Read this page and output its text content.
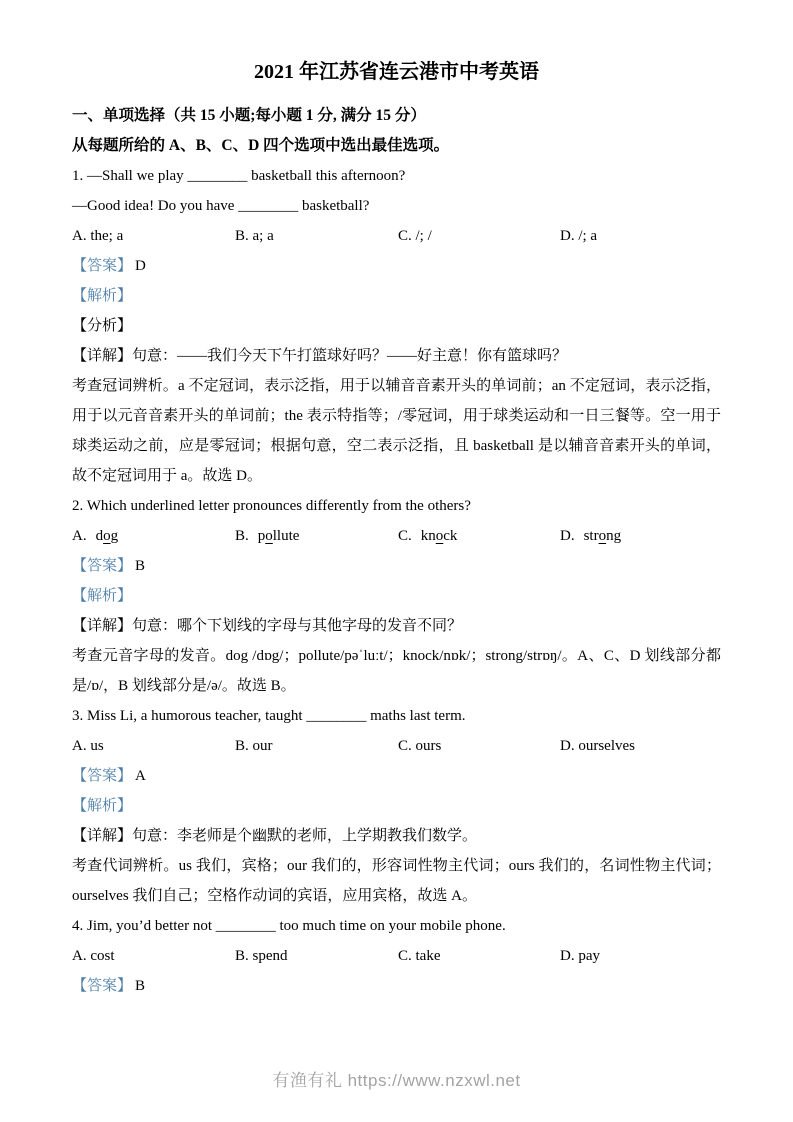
2021 年江苏省连云港市中考英语

一、单项选择（共 15 小题;每小题 1 分, 满分 15 分）

从每题所给的 A、B、C、D 四个选项中选出最佳选项。

1. —Shall we play ________ basketball this afternoon?

—Good idea! Do you have ________ basketball?

A. the; a	B. a; a	C. /; /	D. /; a

【答案】 D

【解析】

【分析】

【详解】句意：——我们今天下午打篮球好吗？——好主意！你有篮球吗？

考查冠词辨析。a 不定冠词，表示泛指，用于以辅音音素开头的单词前；an 不定冠词，表示泛指，用于以元音音素开头的单词前；the 表示特指等；/零冠词，用于球类运动和一日三餐等。空一用于球类运动之前，应是零冠词；根据句意，空二表示泛指，且 basketball 是以辅音音素开头的单词，故不定冠词用于 a。故选 D。

2. Which underlined letter pronounces differently from the others?

A. dog	B. pollute	C. knock	D. strong

【答案】 B

【解析】

【详解】句意：哪个下划线的字母与其他字母的发音不同？

考查元音字母的发音。dog /dɒg/；pollute/pəˈluːt/；knock/nɒk/；strong/strɒŋ/。A、C、D 划线部分都是/ɒ/，B 划线部分是/ə/。故选 B。

3. Miss Li, a humorous teacher, taught ________ maths last term.

A. us	B. our	C. ours	D. ourselves

【答案】 A

【解析】

【详解】句意：李老师是个幽默的老师，上学期教我们数学。

考查代词辨析。us 我们，宾格；our 我们的，形容词性物主代词；ours 我们的，名词性物主代词；ourselves 我们自己；空格作动词的宾语，应用宾格，故选 A。

4. Jim, you’d better not ________ too much time on your mobile phone.

A. cost	B. spend	C. take	D. pay

【答案】 B

有渔有礼 https://www.nzxwl.net
